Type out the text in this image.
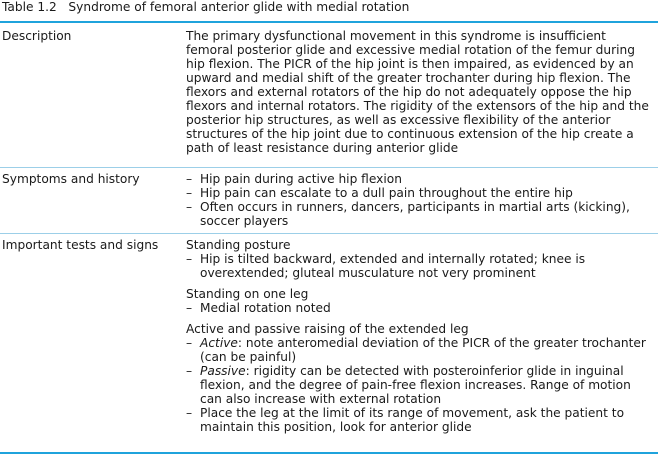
Table 1.2 Syndrome of femoral anterior glide with medial rotation
Description	The primary dysfunctional movement in this syndrome is insufficient femoral posterior glide and excessive medial rotation of the femur during hip flexion. The PICR of the hip joint is then impaired, as evidenced by an upward and medial shift of the greater trochanter during hip flexion. The flexors and external rotators of the hip do not adequately oppose the hip flexors and internal rotators. The rigidity of the extensors of the hip and the posterior hip structures, as well as excessive flexibility of the anterior structures of the hip joint due to continuous extension of the hip create a path of least resistance during anterior glide

Symptoms and history
–	Hip pain during active hip flexion
– Hip pain can escalate to a dull pain throughout the entire hip
– Often occurs in runners, dancers, participants in martial arts (kicking), soccer players
Important tests and signs Standing posture

– Hip is tilted backward, extended and internally rotated; knee is overextended; gluteal musculature not very prominent

Standing on one leg

– Medial rotation noted

Active and passive raising of the extended leg

– Active: note anteromedial deviation of the PICR of the greater trochanter (can be painful)
– Passive: rigidity can be detected with posteroinferior glide in inguinal flexion, and the degree of pain-free flexion increases. Range of motion can also increase with external rotation
– Place the leg at the limit of its range of movement, ask the patient to maintain this position, look for anterior glide
